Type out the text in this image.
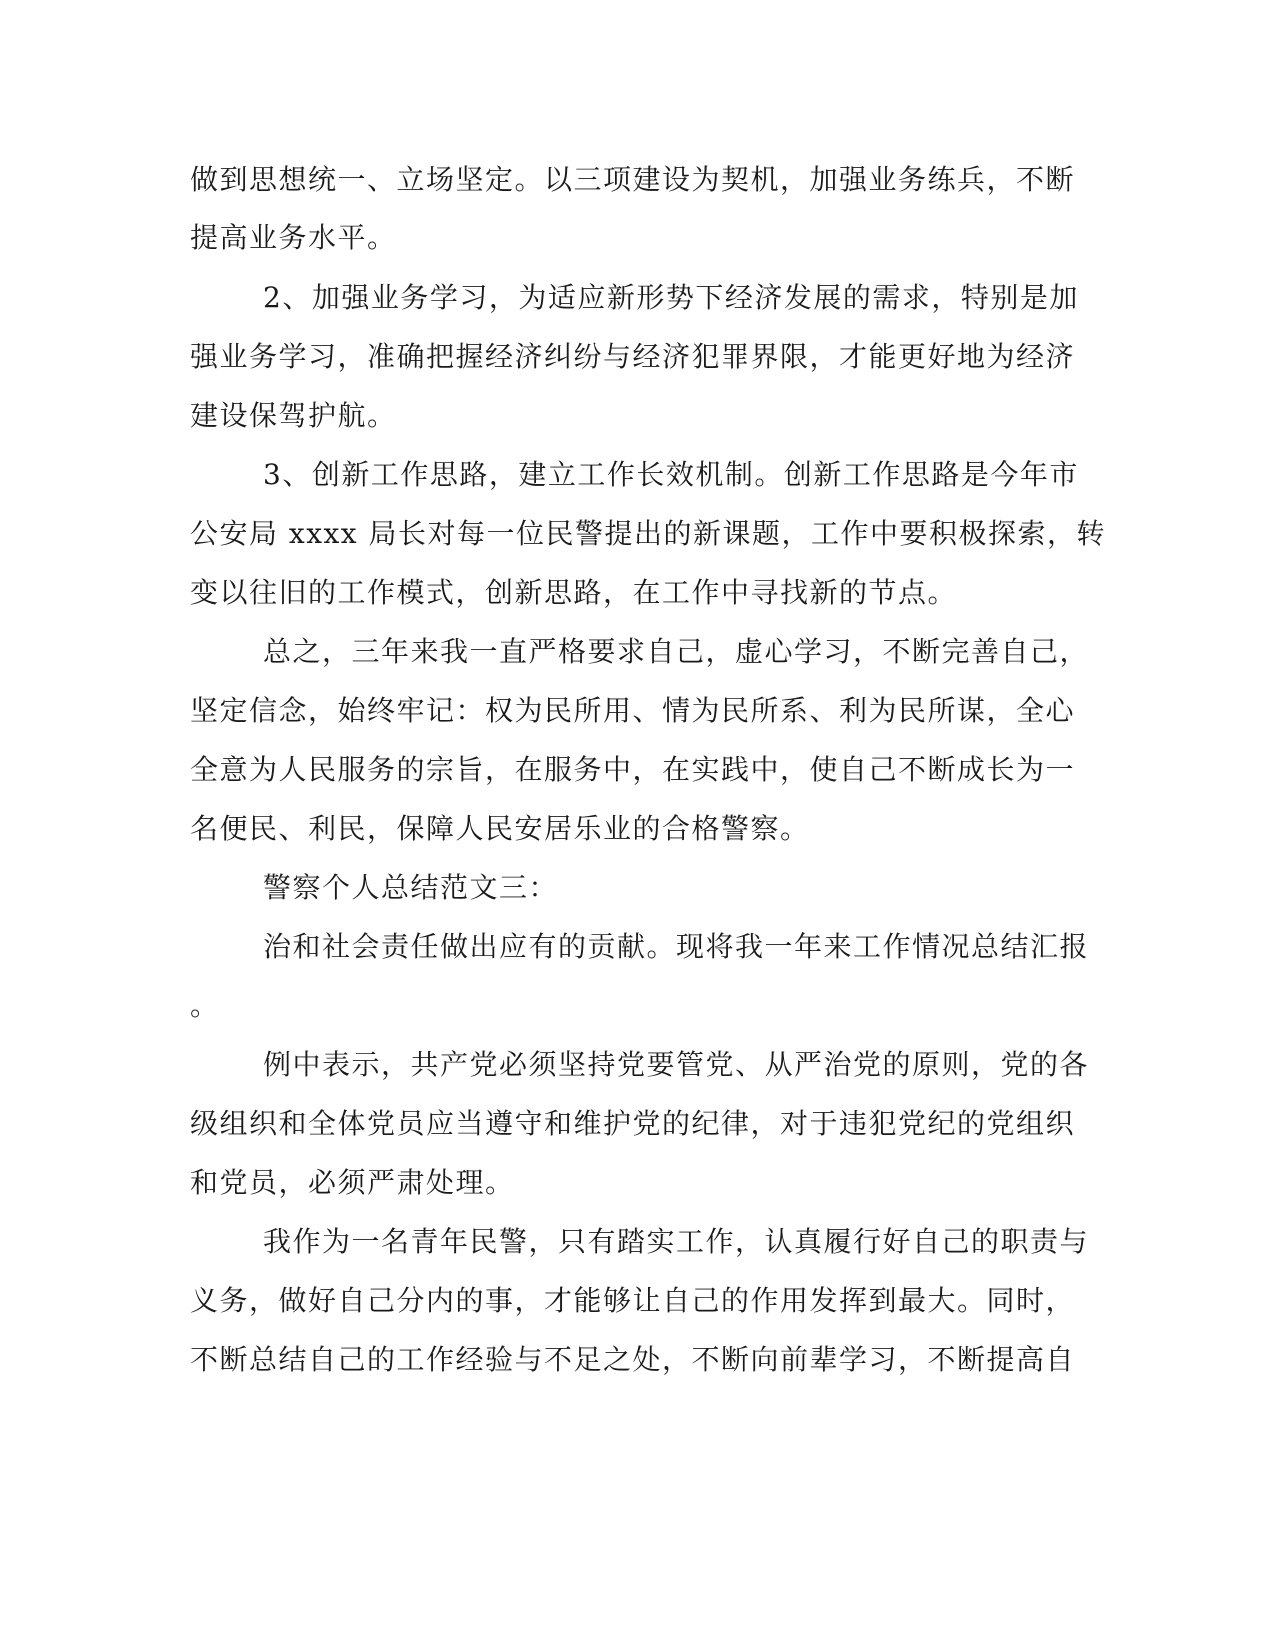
做到思想统一、立场坚定。以三项建设为契机，加强业务练兵，不断
提高业务水平。
2、加强业务学习，为适应新形势下经济发展的需求，特别是加
强业务学习，准确把握经济纠纷与经济犯罪界限，才能更好地为经济
建设保驾护航。
3、创新工作思路，建立工作长效机制。创新工作思路是今年市
公安局 xxxx 局长对每一位民警提出的新课题，工作中要积极探索，转
变以往旧的工作模式，创新思路，在工作中寻找新的节点。
总之，三年来我一直严格要求自己，虚心学习，不断完善自己，
坚定信念，始终牢记：权为民所用、情为民所系、利为民所谋，全心
全意为人民服务的宗旨，在服务中，在实践中，使自己不断成长为一
名便民、利民，保障人民安居乐业的合格警察。
警察个人总结范文三：
治和社会责任做出应有的贡献。现将我一年来工作情况总结汇报
。
例中表示，共产党必须坚持党要管党、从严治党的原则，党的各
级组织和全体党员应当遵守和维护党的纪律，对于违犯党纪的党组织
和党员，必须严肃处理。
我作为一名青年民警，只有踏实工作，认真履行好自己的职责与
义务，做好自己分内的事，才能够让自己的作用发挥到最大。同时，
不断总结自己的工作经验与不足之处，不断向前辈学习，不断提高自
